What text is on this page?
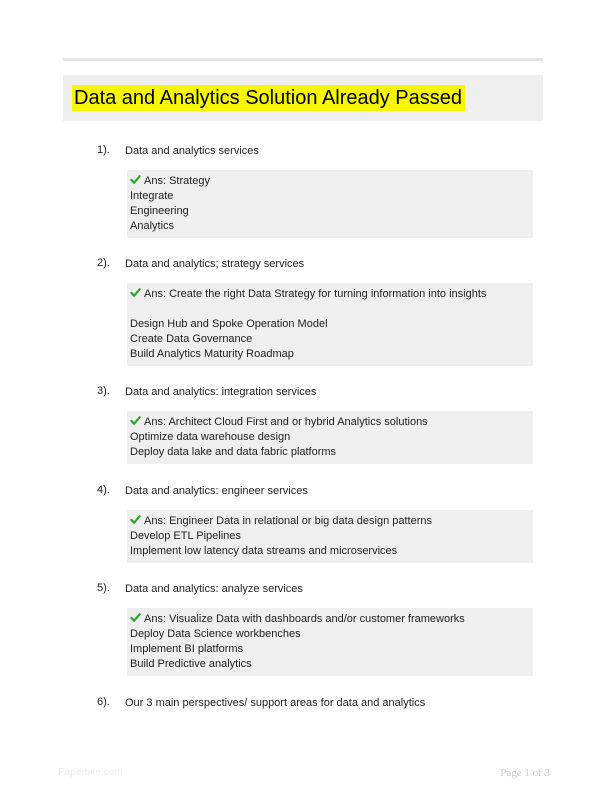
Data and Analytics Solution Already Passed
1). Data and analytics services
Ans: Strategy
Integrate
Engineering
Analytics
2). Data and analytics; strategy services
Ans: Create the right Data Strategy for turning information into insights
Design Hub and Spoke Operation Model
Create Data Governance
Build Analytics Maturity Roadmap
3). Data and analytics: integration services
Ans: Architect Cloud First and or hybrid Analytics solutions
Optimize data warehouse design
Deploy data lake and data fabric platforms
4). Data and analytics: engineer services
Ans: Engineer Data in relational or big data design patterns
Develop ETL Pipelines
Implement low latency data streams and microservices
5). Data and analytics: analyze services
Ans: Visualize Data with dashboards and/or customer frameworks
Deploy Data Science workbenches
Implement BI platforms
Build Predictive analytics
6). Our 3 main perspectives/ support areas for data and analytics
Paperbite.com	Page 1 of 3
